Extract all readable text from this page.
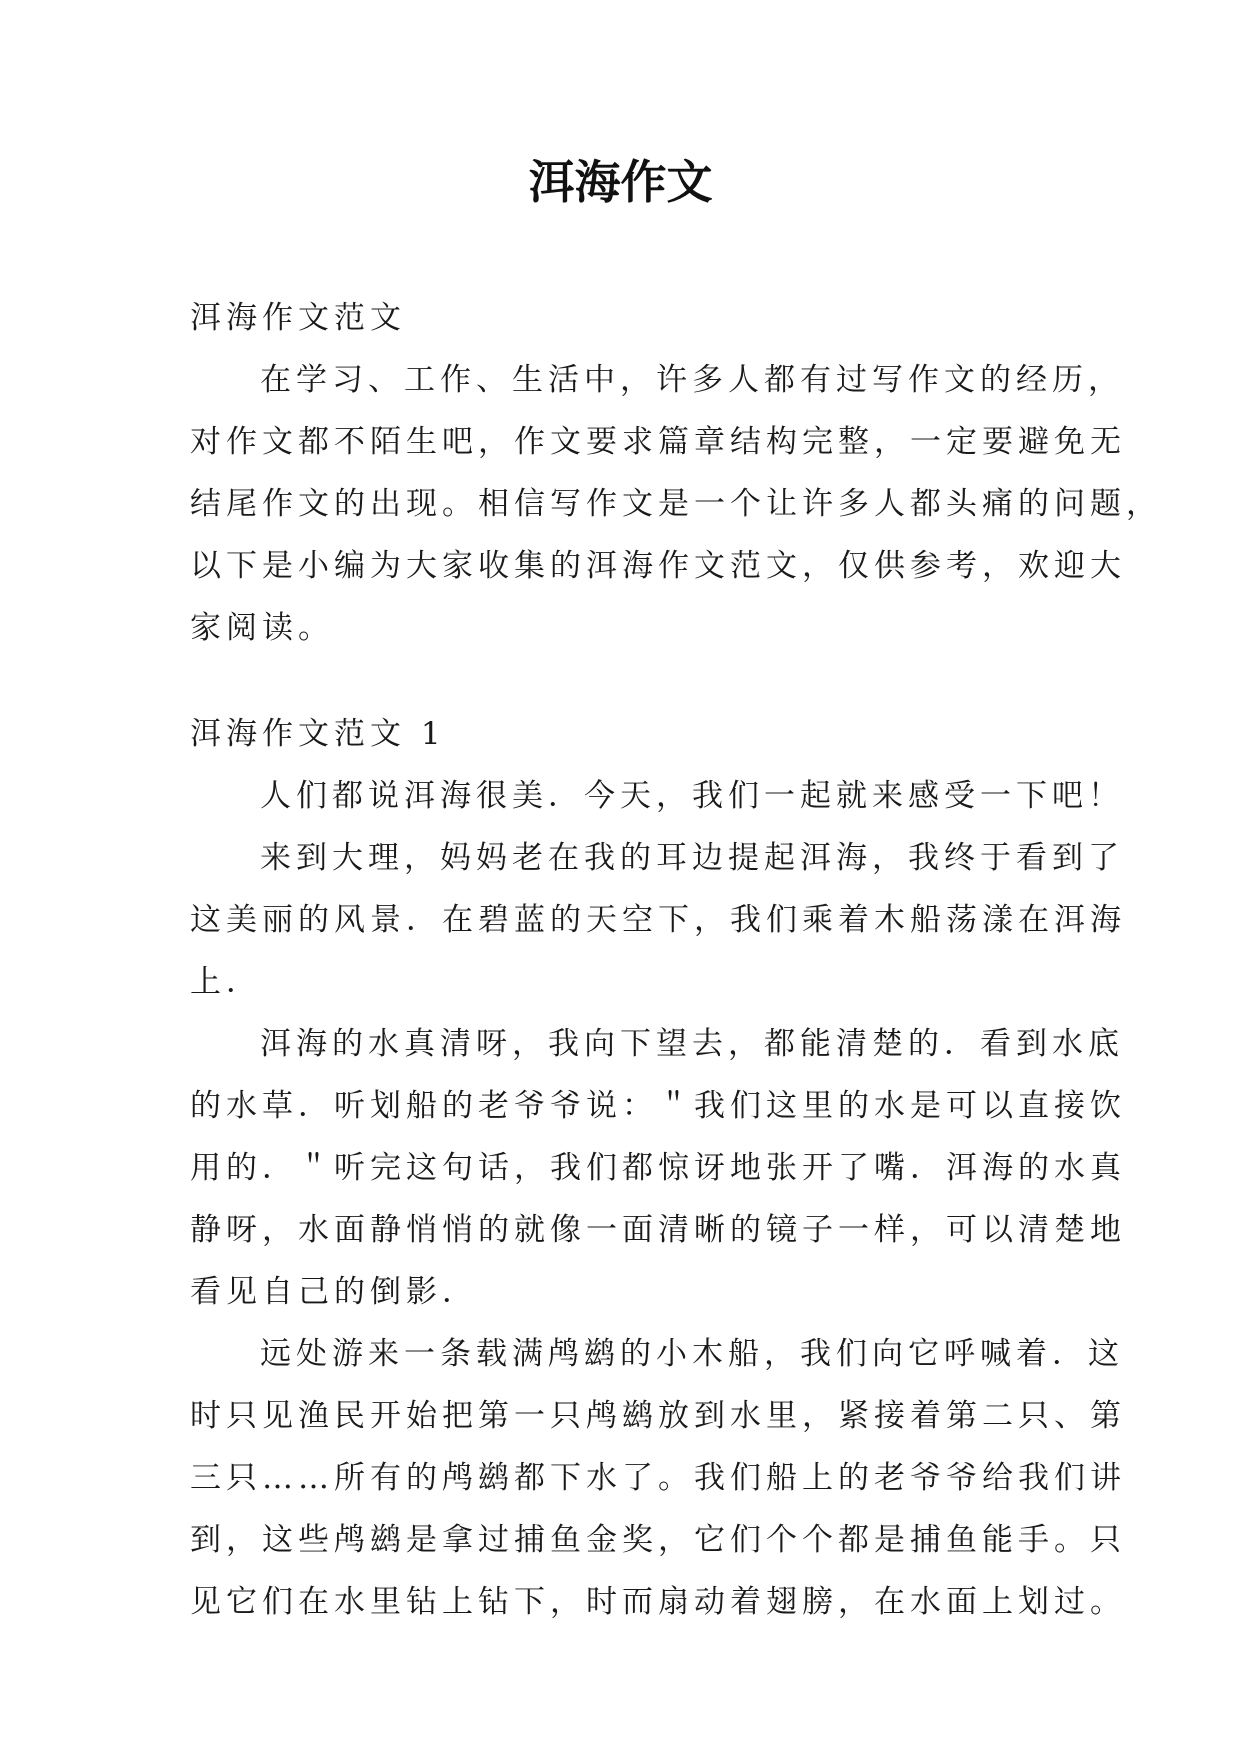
洱海作文
洱海作文范文
在学习、工作、生活中，许多人都有过写作文的经历，
对作文都不陌生吧，作文要求篇章结构完整，一定要避免无
结尾作文的出现。相信写作文是一个让许多人都头痛的问题，
以下是小编为大家收集的洱海作文范文，仅供参考，欢迎大
家阅读。
洱海作文范文 1
人们都说洱海很美．今天，我们一起就来感受一下吧！
来到大理，妈妈老在我的耳边提起洱海，我终于看到了
这美丽的风景．在碧蓝的天空下，我们乘着木船荡漾在洱海
上．
洱海的水真清呀，我向下望去，都能清楚的．看到水底
的水草．听划船的老爷爷说：＂我们这里的水是可以直接饮
用的．＂听完这句话，我们都惊讶地张开了嘴．洱海的水真
静呀，水面静悄悄的就像一面清晰的镜子一样，可以清楚地
看见自己的倒影．
远处游来一条载满鸬鹚的小木船，我们向它呼喊着．这
时只见渔民开始把第一只鸬鹚放到水里，紧接着第二只、第
三只……所有的鸬鹚都下水了。我们船上的老爷爷给我们讲
到，这些鸬鹚是拿过捕鱼金奖，它们个个都是捕鱼能手。只
见它们在水里钻上钻下，时而扇动着翅膀，在水面上划过。
